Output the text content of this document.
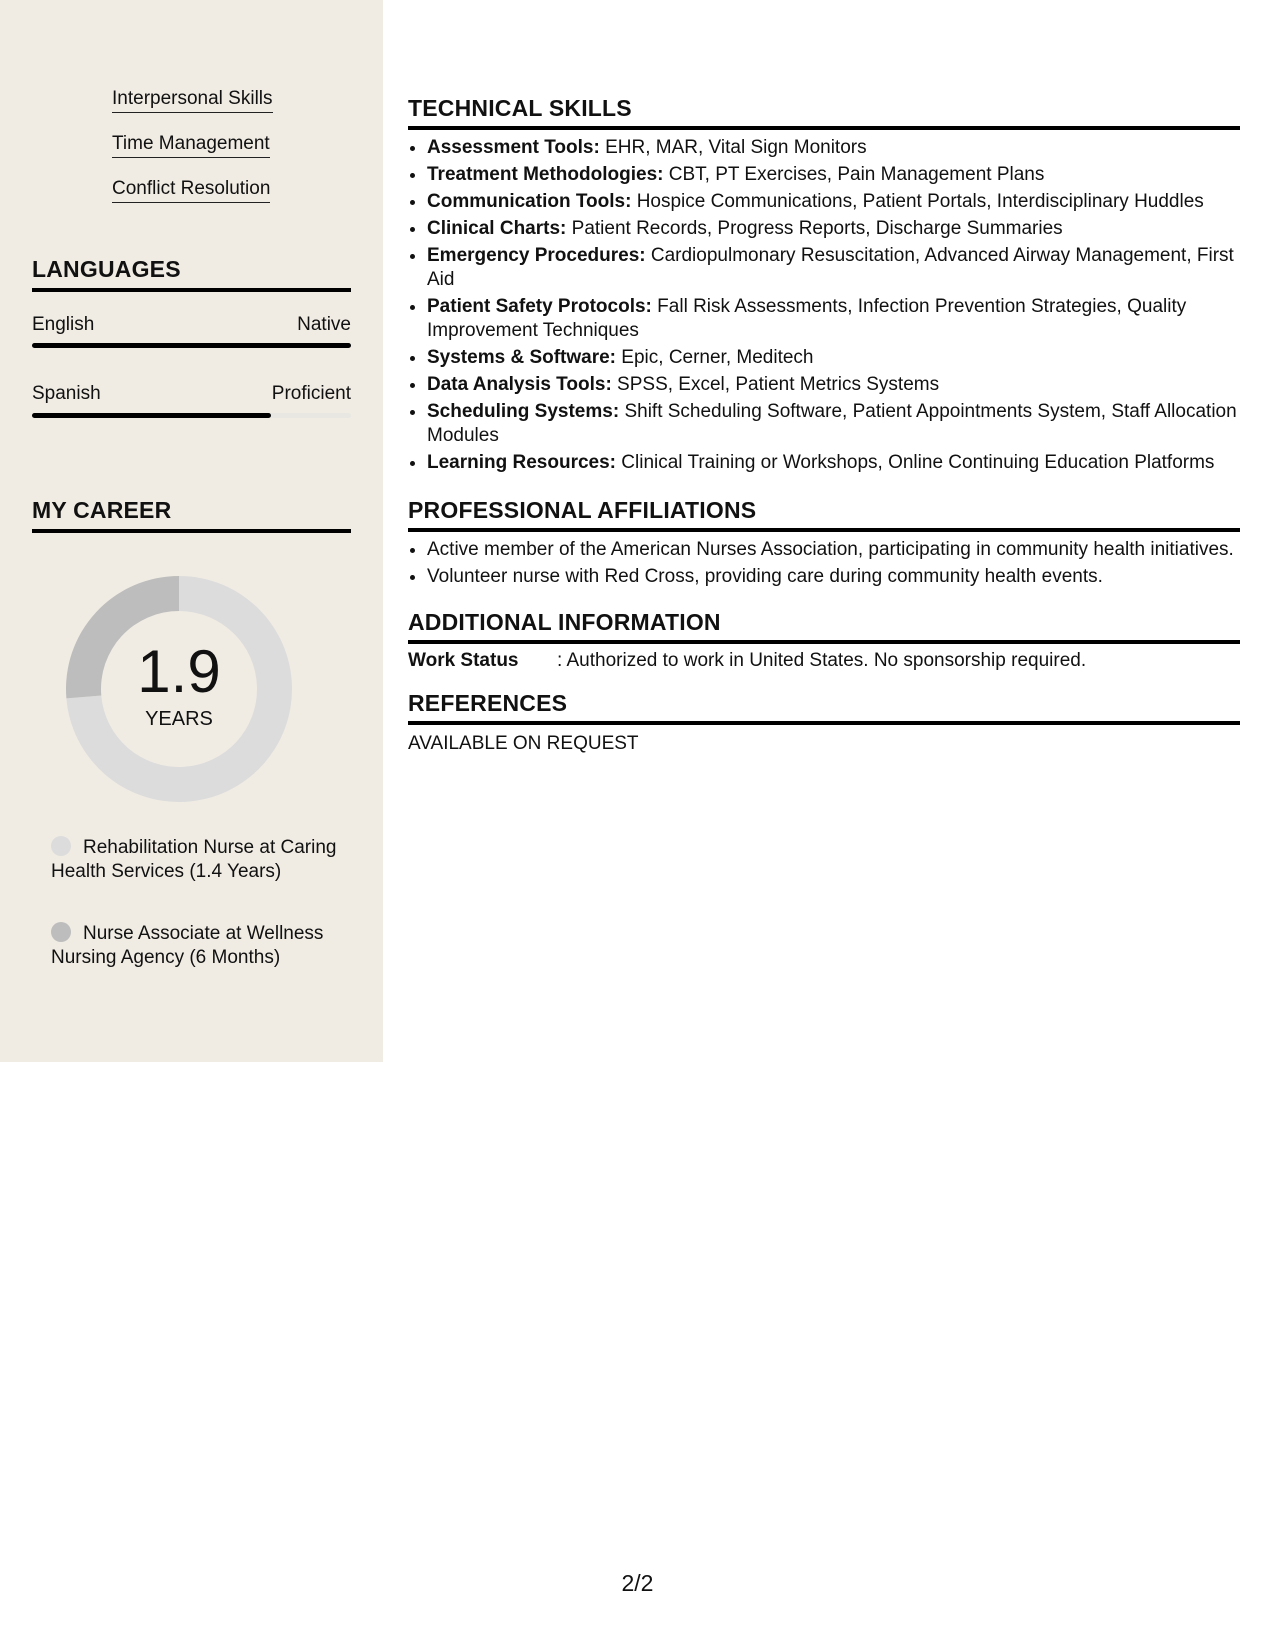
Interpersonal Skills
Time Management
Conflict Resolution
LANGUAGES
English	Native
Spanish	Proficient
MY CAREER
1.9
YEARS
Rehabilitation Nurse at Caring Health Services (1.4 Years)
Nurse Associate at Wellness Nursing Agency (6 Months)
TECHNICAL SKILLS
• Assessment Tools: EHR, MAR, Vital Sign Monitors
• Treatment Methodologies: CBT, PT Exercises, Pain Management Plans
• Communication Tools: Hospice Communications, Patient Portals, Interdisciplinary Huddles
• Clinical Charts: Patient Records, Progress Reports, Discharge Summaries
• Emergency Procedures: Cardiopulmonary Resuscitation, Advanced Airway Management, First Aid
• Patient Safety Protocols: Fall Risk Assessments, Infection Prevention Strategies, Quality Improvement Techniques
• Systems & Software: Epic, Cerner, Meditech
• Data Analysis Tools: SPSS, Excel, Patient Metrics Systems
• Scheduling Systems: Shift Scheduling Software, Patient Appointments System, Staff Allocation Modules
• Learning Resources: Clinical Training or Workshops, Online Continuing Education Platforms
PROFESSIONAL AFFILIATIONS
• Active member of the American Nurses Association, participating in community health initiatives.
• Volunteer nurse with Red Cross, providing care during community health events.
ADDITIONAL INFORMATION
Work Status : Authorized to work in United States. No sponsorship required.
REFERENCES
AVAILABLE ON REQUEST
2/2
